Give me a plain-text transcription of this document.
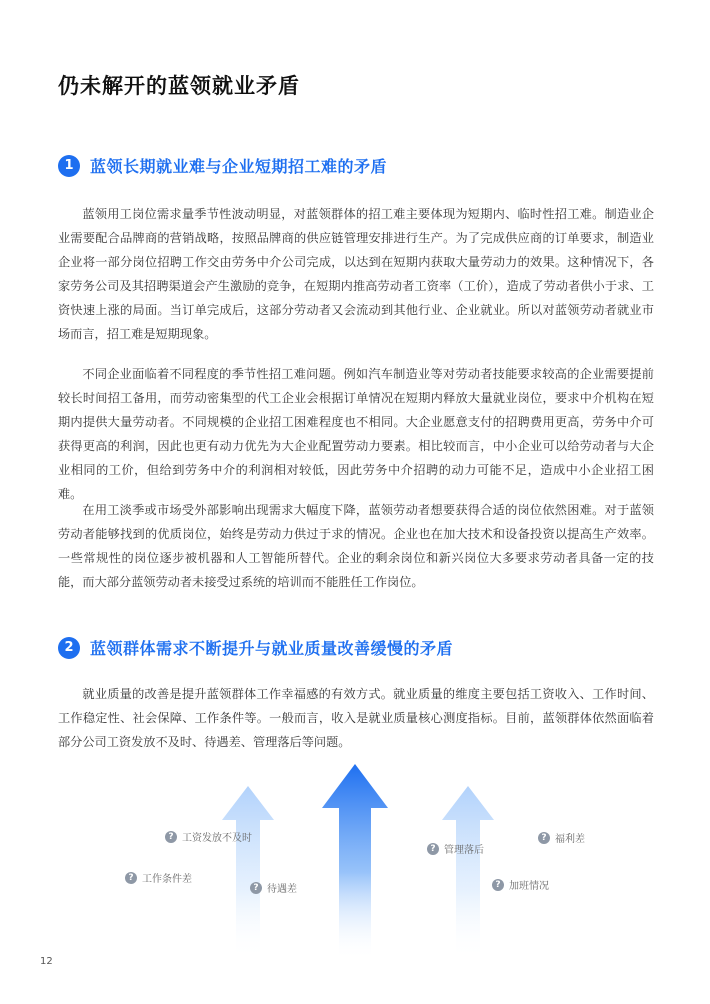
仍未解开的蓝领就业矛盾
1	蓝领长期就业难与企业短期招工难的矛盾

蓝领用工岗位需求量季节性波动明显，对蓝领群体的招工难主要体现为短期内、临时性招工难。制造业企业需要配合品牌商的营销战略，按照品牌商的供应链管理安排进行生产。为了完成供应商的订单要求，制造业企业将一部分岗位招聘工作交由劳务中介公司完成，以达到在短期内获取大量劳动力的效果。这种情况下，各家劳务公司及其招聘渠道会产生激励的竞争，在短期内推高劳动者工资率（工价），造成了劳动者供小于求、工资快速上涨的局面。当订单完成后，这部分劳动者又会流动到其他行业、企业就业。所以对蓝领劳动者就业市场而言，招工难是短期现象。

不同企业面临着不同程度的季节性招工难问题。例如汽车制造业等对劳动者技能要求较高的企业需要提前较长时间招工备用，而劳动密集型的代工企业会根据订单情况在短期内释放大量就业岗位，要求中介机构在短期内提供大量劳动者。不同规模的企业招工困难程度也不相同。大企业愿意支付的招聘费用更高，劳务中介可获得更高的利润，因此也更有动力优先为大企业配置劳动力要素。相比较而言，中小企业可以给劳动者与大企业相同的工价，但给到劳务中介的利润相对较低，因此劳务中介招聘的动力可能不足，造成中小企业招工困难。

在用工淡季或市场受外部影响出现需求大幅度下降，蓝领劳动者想要获得合适的岗位依然困难。对于蓝领劳动者能够找到的优质岗位，始终是劳动力供过于求的情况。企业也在加大技术和设备投资以提高生产效率。一些常规性的岗位逐步被机器和人工智能所替代。企业的剩余岗位和新兴岗位大多要求劳动者具备一定的技能，而大部分蓝领劳动者未接受过系统的培训而不能胜任工作岗位。

2	蓝领群体需求不断提升与就业质量改善缓慢的矛盾

就业质量的改善是提升蓝领群体工作幸福感的有效方式。就业质量的维度主要包括工资收入、工作时间、工作稳定性、社会保障、工作条件等。一般而言，收入是就业质量核心测度指标。目前，蓝领群体依然面临着部分公司工资发放不及时、待遇差、管理落后等问题。

? 工资发放不及时
? 工作条件差
? 待遇差
? 管理落后
? 福利差
? 加班情况
12
